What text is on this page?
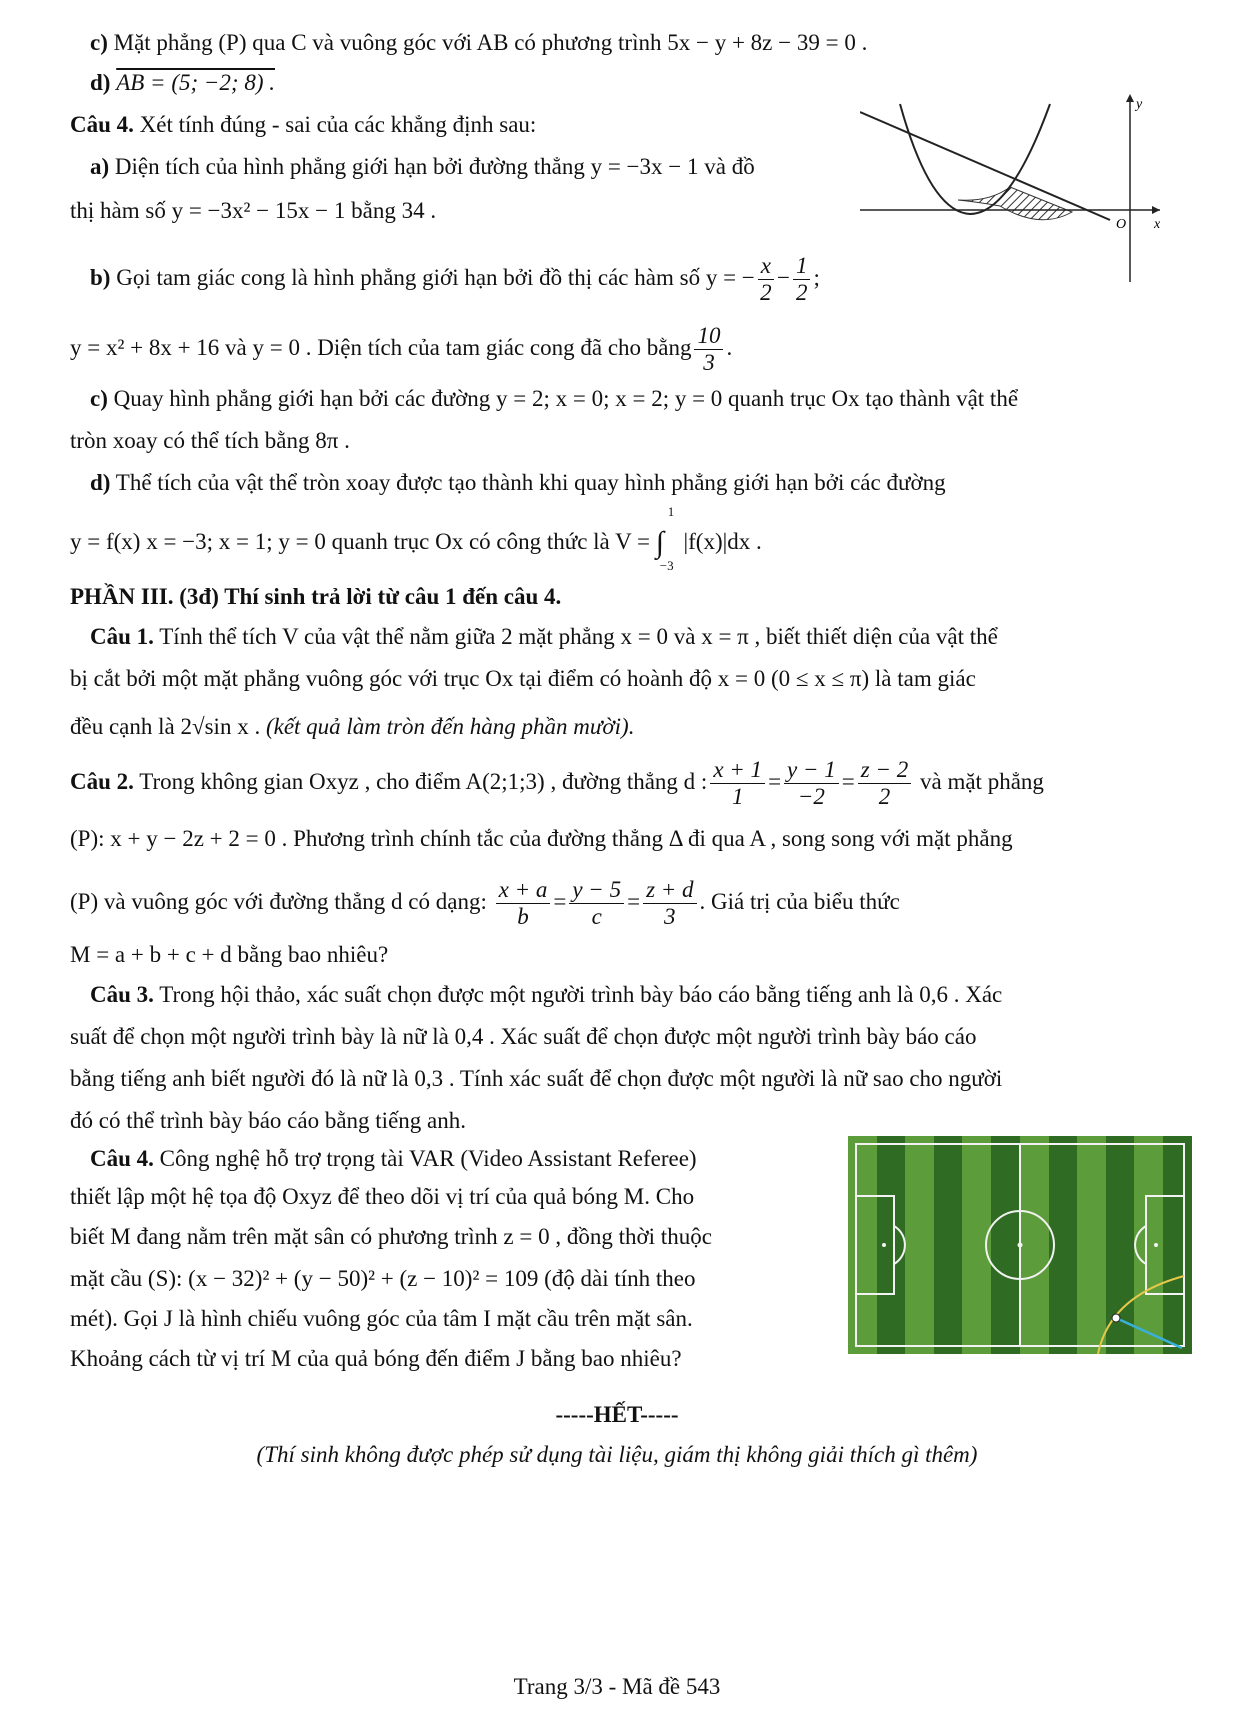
c) Mặt phẳng (P) qua C và vuông góc với AB có phương trình 5x − y + 8z − 39 = 0 .
d) AB = (5; −2; 8) .
Câu 4. Xét tính đúng - sai của các khẳng định sau:
a) Diện tích của hình phẳng giới hạn bởi đường thẳng y = −3x − 1 và đồ
thị hàm số y = −3x² − 15x − 1 bằng 34 .
b) Gọi tam giác cong là hình phẳng giới hạn bởi đồ thị các hàm số y = − $\frac{x}{2} - \frac{1}{2}$ ;
y = x² + 8x + 16 và y = 0 . Diện tích của tam giác cong đã cho bằng $\frac{10}{3}$ .
c) Quay hình phẳng giới hạn bởi các đường y = 2; x = 0; x = 2; y = 0 quanh trục Ox tạo thành vật thể
tròn xoay có thể tích bằng 8π .
d) Thể tích của vật thể tròn xoay được tạo thành khi quay hình phẳng giới hạn bởi các đường
y = f(x) x = −3; x = 1; y = 0 quanh trục Ox có công thức là V = ∫
1
−3
|f(x)|dx .
y
x
O
PHẦN III. (3đ) Thí sinh trả lời từ câu 1 đến câu 4.
Câu 1. Tính thể tích V của vật thể nằm giữa 2 mặt phẳng x = 0 và x = π , biết thiết diện của vật thể
bị cắt bởi một mặt phẳng vuông góc với trục Ox tại điểm có hoành độ x = 0 (0 ≤ x ≤ π) là tam giác
đều cạnh là 2√sin x . (kết quả làm tròn đến hàng phần mười).
Câu 2. Trong không gian Oxyz , cho điểm A(2;1;3) , đường thẳng d : $\frac{x + 1}{1} = \frac{y - 1}{-2} = \frac{z - 2}{2}$ và mặt phẳng
(P): x + y − 2z + 2 = 0 . Phương trình chính tắc của đường thẳng Δ đi qua A , song song với mặt phẳng
(P) và vuông góc với đường thẳng d có dạng: $\frac{x + a}{b} = \frac{y - 5}{c} = \frac{z + d}{3}$ . Giá trị của biểu thức
M = a + b + c + d bằng bao nhiêu?
Câu 3. Trong hội thảo, xác suất chọn được một người trình bày báo cáo bằng tiếng anh là 0,6 . Xác
suất để chọn một người trình bày là nữ là 0,4 . Xác suất để chọn được một người trình bày báo cáo
bằng tiếng anh biết người đó là nữ là 0,3 . Tính xác suất để chọn được một người là nữ sao cho người
đó có thể trình bày báo cáo bằng tiếng anh.
Câu 4. Công nghệ hỗ trợ trọng tài VAR (Video Assistant Referee)
thiết lập một hệ tọa độ Oxyz để theo dõi vị trí của quả bóng M. Cho
biết M đang nằm trên mặt sân có phương trình z = 0 , đồng thời thuộc
mặt cầu (S): (x − 32)² + (y − 50)² + (z − 10)² = 109 (độ dài tính theo
mét). Gọi J là hình chiếu vuông góc của tâm I mặt cầu trên mặt sân.
Khoảng cách từ vị trí M của quả bóng đến điểm J bằng bao nhiêu?
-----HẾT-----
(Thí sinh không được phép sử dụng tài liệu, giám thị không giải thích gì thêm)
Trang 3/3 - Mã đề 543
